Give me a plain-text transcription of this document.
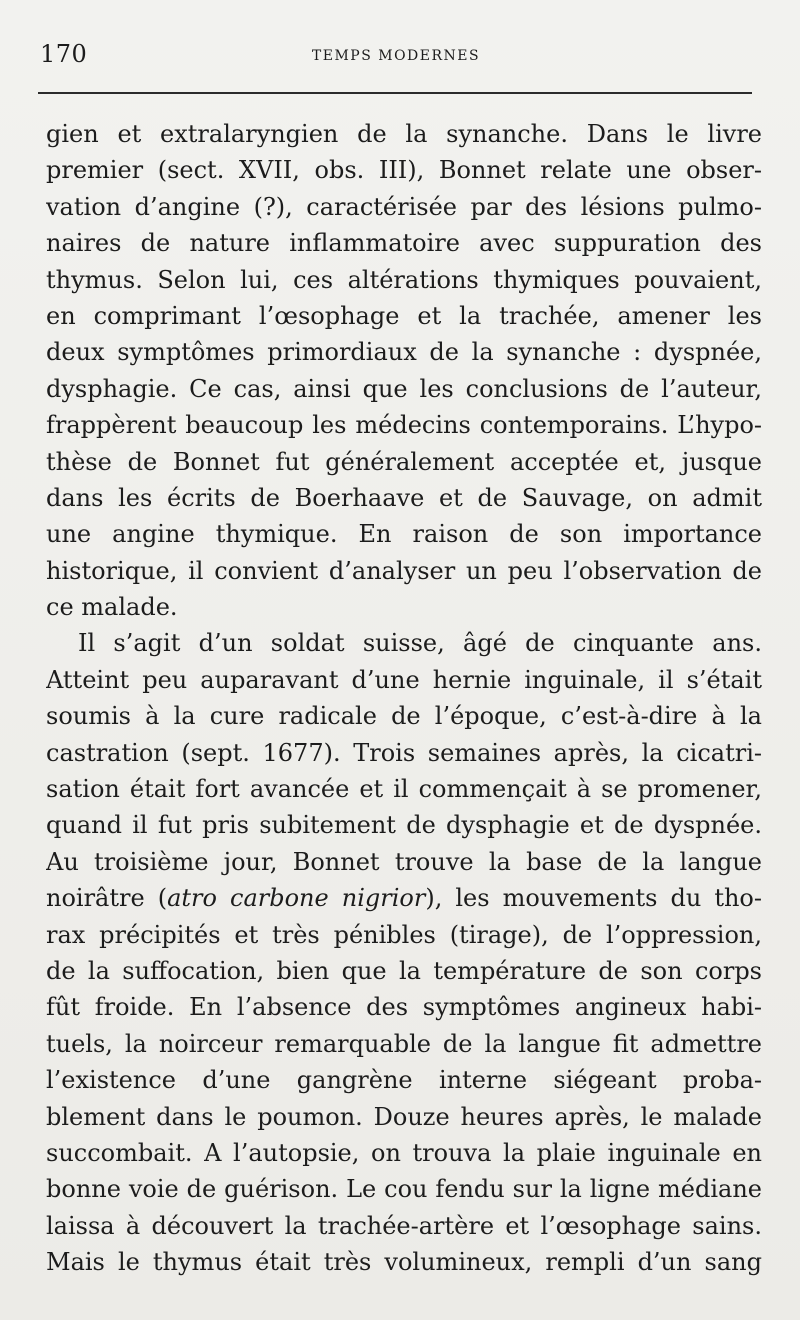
170	TEMPS MODERNES
gien et extralaryngien de la synanche. Dans le livre
premier (sect. XVII, obs. III), Bonnet relate une obser-
vation d’angine (?), caractérisée par des lésions pulmo-
naires de nature inflammatoire avec suppuration des
thymus. Selon lui, ces altérations thymiques pouvaient,
en comprimant l’œsophage et la trachée, amener les
deux symptômes primordiaux de la synanche : dyspnée,
dysphagie. Ce cas, ainsi que les conclusions de l’auteur,
frappèrent beaucoup les médecins contemporains. L’hypo-
thèse de Bonnet fut généralement acceptée et, jusque
dans les écrits de Boerhaave et de Sauvage, on admit
une angine thymique. En raison de son importance
historique, il convient d’analyser un peu l’observation de
ce malade.
Il s’agit d’un soldat suisse, âgé de cinquante ans.
Atteint peu auparavant d’une hernie inguinale, il s’était
soumis à la cure radicale de l’époque, c’est-à-dire à la
castration (sept. 1677). Trois semaines après, la cicatri-
sation était fort avancée et il commençait à se promener,
quand il fut pris subitement de dysphagie et de dyspnée.
Au troisième jour, Bonnet trouve la base de la langue
noirâtre (atro carbone nigrior), les mouvements du tho-
rax précipités et très pénibles (tirage), de l’oppression,
de la suffocation, bien que la température de son corps
fût froide. En l’absence des symptômes angineux habi-
tuels, la noirceur remarquable de la langue fit admettre
l’existence d’une gangrène interne siégeant proba-
blement dans le poumon. Douze heures après, le malade
succombait. A l’autopsie, on trouva la plaie inguinale en
bonne voie de guérison. Le cou fendu sur la ligne médiane
laissa à découvert la trachée-artère et l’œsophage sains.
Mais le thymus était très volumineux, rempli d’un sang
